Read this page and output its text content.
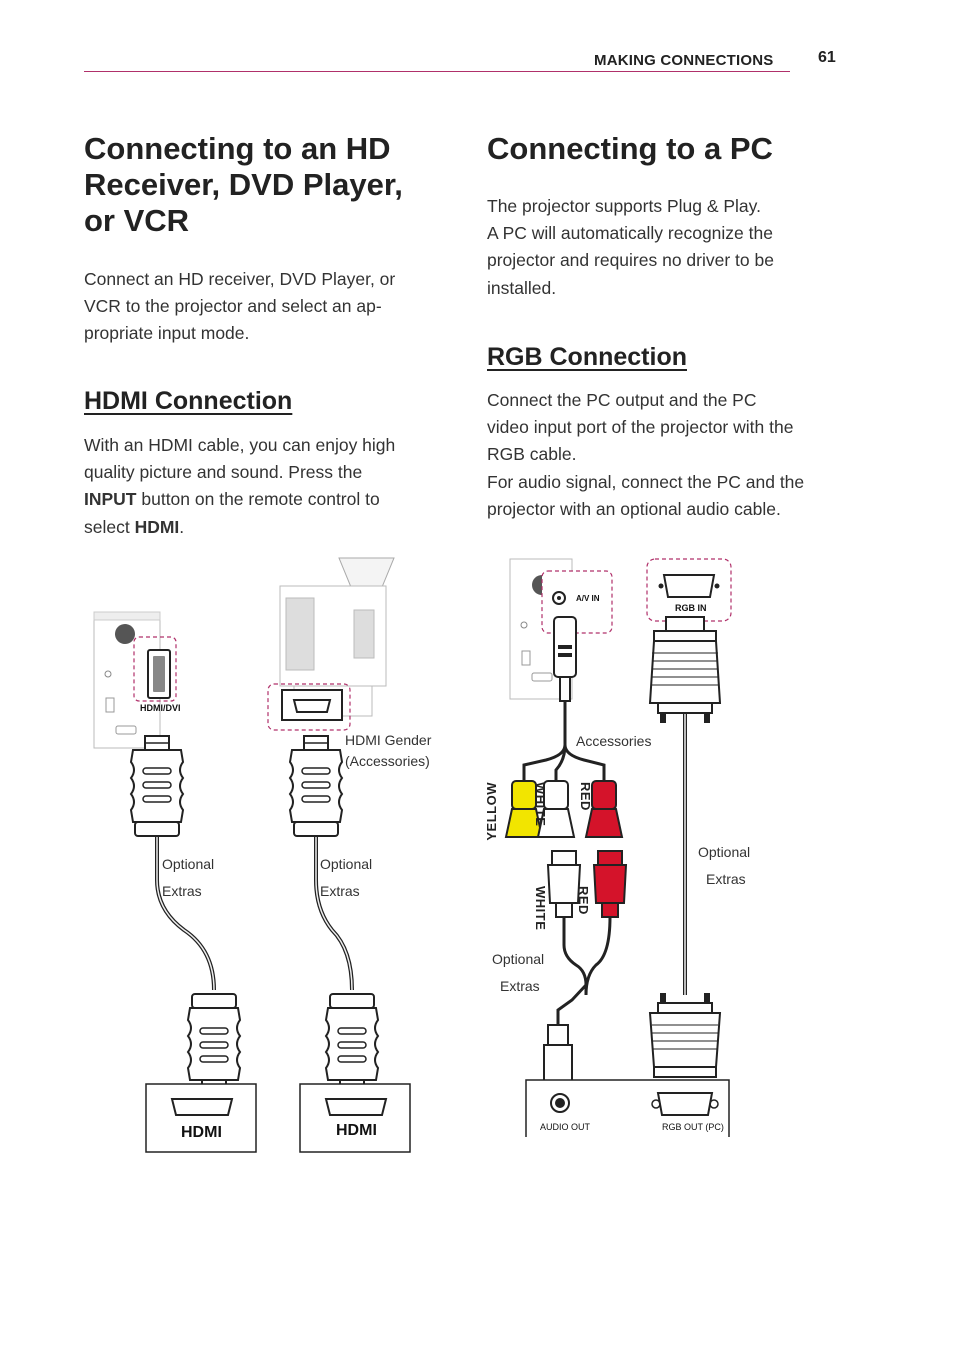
MAKING CONNECTIONS	61
Connecting to an HD
Receiver, DVD Player,
or VCR

Connect an HD receiver, DVD Player, or
VCR to the projector and select an ap-
propriate input mode.

HDMI Connection

With an HDMI cable, you can enjoy high
quality picture and sound. Press the
INPUT button on the remote control to
select HDMI.

Connecting to a PC

The projector supports Plug & Play.
A PC will automatically recognize the
projector and requires no driver to be
installed.

RGB Connection

Connect the PC output and the PC
video input port of the projector with the
RGB cable.
For audio signal, connect the PC and the
projector with an optional audio cable.

HDMI/DVI
HDMI Gender
(Accessories)
Optional
Extras
Optional
Extras
HDMI	HDMI
A/V IN
RGB IN
Accessories
YELLOW	WHITE RED
WHITE RED
Optional
Extras
Optional
Extras
AUDIO OUT	RGB OUT (PC)
